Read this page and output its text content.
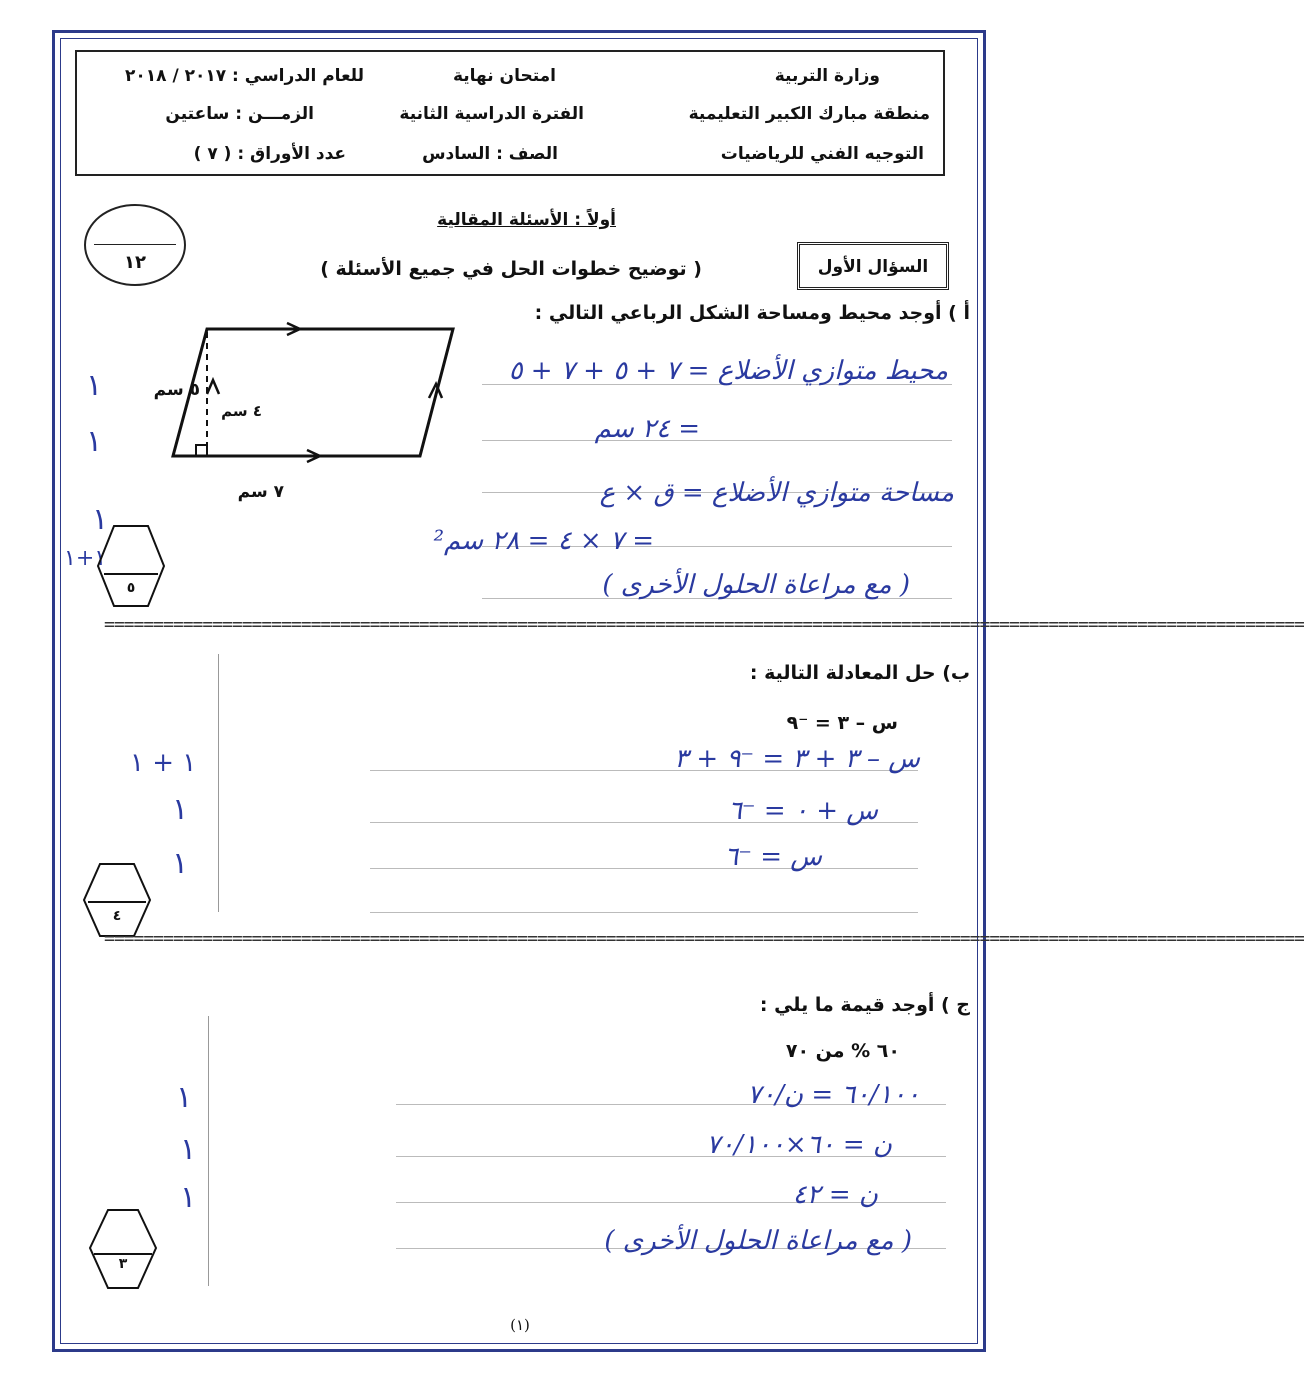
وزارة التربية
منطقة مبارك الكبير التعليمية
التوجيه الفني للرياضيات
امتحان نهاية
الفترة الدراسية الثانية
الصف : السادس
للعام الدراسي : ٢٠١٧ / ٢٠١٨
الزمـــن : ساعتين
عدد الأوراق : ( ٧ )
أولاً : الأسئلة المقالية
١٢	السؤال الأول
( توضيح خطوات الحل في جميع الأسئلة )
أ ) أوجد محيط ومساحة الشكل الرباعي التالي :
٥ سم
٤ سم
٧ سم
محيط متوازي الأضلاع = ٧ + ٥ + ٧ + ٥
= ٢٤ سم
مساحة متوازي الأضلاع = ق × ع
= ٧ × ٤ = ٢٨ سم²
( مع مراعاة الحلول الأخرى )
١
١
١
١+١
٥
==========================================================================================================================
ب) حل المعادلة التالية :
س – ٣ = ⁻٩
س – ٣ + ٣ = ⁻٩ + ٣
س + ٠ = ⁻٦
س = ⁻٦
١ + ١
١
١
٤
==========================================================================================================================
ج ) أوجد قيمة ما يلي :
٦٠ % من ٧٠
٦٠/١٠٠ = ن/٧٠
ن = ٦٠×٧٠/١٠٠
ن = ٤٢
( مع مراعاة الحلول الأخرى )
١
١
١
٣
(١)
